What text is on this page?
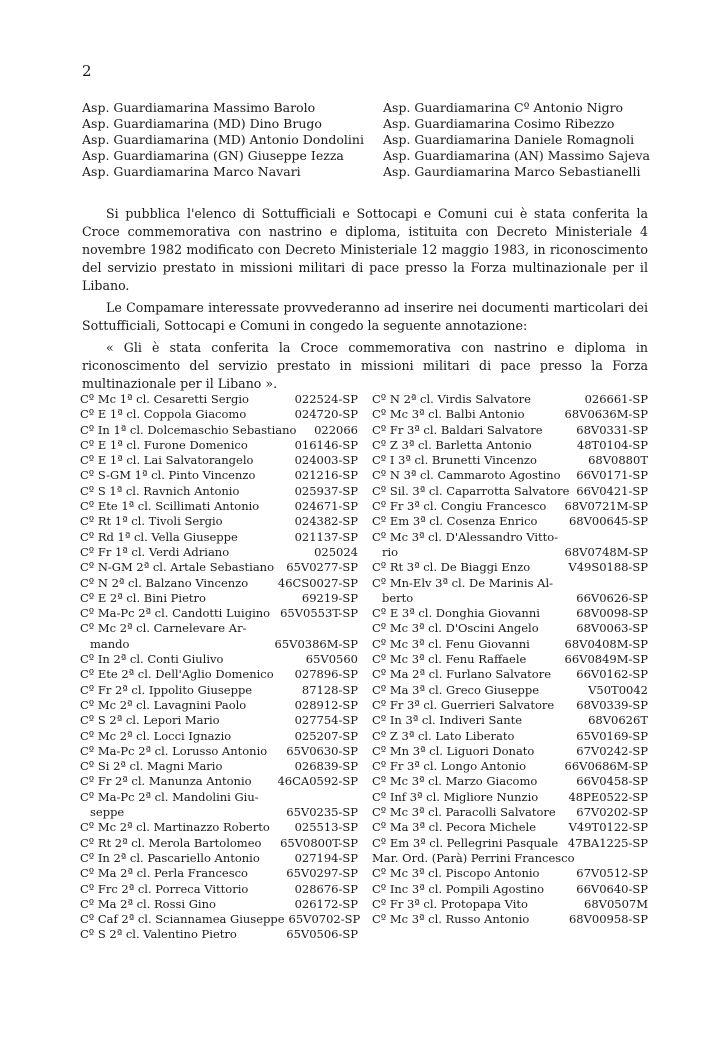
2
Asp. Guardiamarina Massimo Barolo
Asp. Guardiamarina (MD) Dino Brugo
Asp. Guardiamarina (MD) Antonio Dondolini
Asp. Guardiamarina (GN) Giuseppe Iezza
Asp. Guardiamarina Marco Navari
Asp. Guardiamarina Cº Antonio Nigro
Asp. Guardiamarina Cosimo Ribezzo
Asp. Guardiamarina Daniele Romagnoli
Asp. Guardiamarina (AN) Massimo Sajeva
Asp. Gaurdiamarina Marco Sebastianelli

Si pubblica l'elenco di Sottufficiali e Sottocapi e Comuni cui è stata conferita la Croce commemorativa con nastrino e diploma, istituita con Decreto Ministeriale 4 novembre 1982 modificato con Decreto Ministeriale 12 maggio 1983, in riconoscimento del servizio prestato in missioni militari di pace presso la Forza multinazionale per il Libano.

Le Compamare interessate provvederanno ad inserire nei documenti marticolari dei Sottufficiali, Sottocapi e Comuni in congedo la seguente annotazione:

« Gli è stata conferita la Croce commemorativa con nastrino e diploma in riconoscimento del servizio prestato in missioni militari di pace presso la Forza multinazionale per il Libano ».

Cº Mc 1ª cl. Cesaretti Sergio	022524-SP
Cº E 1ª cl. Coppola Giacomo	024720-SP
Cº In 1ª cl. Dolcemaschio Sebastiano	022066
Cº E 1ª cl. Furone Domenico	016146-SP
Cº E 1ª cl. Lai Salvatorangelo	024003-SP
Cº S-GM 1ª cl. Pinto Vincenzo	021216-SP
Cº S 1ª cl. Ravnich Antonio	025937-SP
Cº Ete 1ª cl. Scillimati Antonio	024671-SP
Cº Rt 1ª cl. Tivoli Sergio	024382-SP
Cº Rd 1ª cl. Vella Giuseppe	021137-SP
Cº Fr 1ª cl. Verdi Adriano	025024
Cº N-GM 2ª cl. Artale Sebastiano	65V0277-SP
Cº N 2ª cl. Balzano Vincenzo	46CS0027-SP
Cº E 2ª cl. Bini Pietro	69219-SP
Cº Ma-Pc 2ª cl. Candotti Luigino 65V0553T-SP
Cº Mc 2ª cl. Carnelevare Ar-
mando	65V0386M-SP
Cº In 2ª cl. Conti Giulivo	65V0560
Cº Ete 2ª cl. Dell'Aglio Domenico	027896-SP
Cº Fr 2ª cl. Ippolito Giuseppe	87128-SP
Cº Mc 2ª cl. Lavagnini Paolo	028912-SP
Cº S 2ª cl. Lepori Mario	027754-SP
Cº Mc 2ª cl. Locci Ignazio	025207-SP
Cº Ma-Pc 2ª cl. Lorusso Antonio	65V0630-SP
Cº Si 2ª cl. Magni Mario	026839-SP
Cº Fr 2ª cl. Manunza Antonio	46CA0592-SP
Cº Ma-Pc 2ª cl. Mandolini Giu-
seppe	65V0235-SP
Cº Mc 2ª cl. Martinazzo Roberto	025513-SP
Cº Rt 2ª cl. Merola Bartolomeo	65V0800T-SP
Cº In 2ª cl. Pascariello Antonio	027194-SP
Cº Ma 2ª cl. Perla Francesco	65V0297-SP
Cº Frc 2ª cl. Porreca Vittorio	028676-SP
Cº Ma 2ª cl. Rossi Gino	026172-SP
Cº Caf 2ª cl. Sciannamea Giuseppe 65V0702-SP
Cº S 2ª cl. Valentino Pietro	65V0506-SP
Cº N 2ª cl. Virdis Salvatore	026661-SP
Cº Mc 3ª cl. Balbi Antonio	68V0636M-SP
Cº Fr 3ª cl. Baldari Salvatore	68V0331-SP
Cº Z 3ª cl. Barletta Antonio	48T0104-SP
Cº I 3ª cl. Brunetti Vincenzo	68V0880T
Cº N 3ª cl. Cammaroto Agostino	66V0171-SP
Cº Sil. 3ª cl. Caparrotta Salvatore 66V0421-SP
Cº Fr 3ª cl. Congiu Francesco	68V0721M-SP
Cº Em 3ª cl. Cosenza Enrico	68V00645-SP
Cº Mc 3ª cl. D'Alessandro Vitto-
rio	68V0748M-SP
Cº Rt 3ª cl. De Biaggi Enzo	V49S0188-SP
Cº Mn-Elv 3ª cl. De Marinis Al-
berto	66V0626-SP
Cº E 3ª cl. Donghia Giovanni	68V0098-SP
Cº Mc 3ª cl. D'Oscini Angelo	68V0063-SP
Cº Mc 3ª cl. Fenu Giovanni	68V0408M-SP
Cº Mc 3ª cl. Fenu Raffaele	66V0849M-SP
Cº Ma 2ª cl. Furlano Salvatore	66V0162-SP
Cº Ma 3ª cl. Greco Giuseppe	V50T0042
Cº Fr 3ª cl. Guerrieri Salvatore	68V0339-SP
Cº In 3ª cl. Indiveri Sante	68V0626T
Cº Z 3ª cl. Lato Liberato	65V0169-SP
Cº Mn 3ª cl. Liguori Donato	67V0242-SP
Cº Fr 3ª cl. Longo Antonio	66V0686M-SP
Cº Mc 3ª cl. Marzo Giacomo	66V0458-SP
Cº Inf 3ª cl. Migliore Nunzio	48PE0522-SP
Cº Mc 3ª cl. Paracolli Salvatore	67V0202-SP
Cº Ma 3ª cl. Pecora Michele	V49T0122-SP
Cº Em 3ª cl. Pellegrini Pasquale 47BA1225-SP
Mar. Ord. (Parà) Perrini Francesco
Cº Mc 3ª cl. Piscopo Antonio	67V0512-SP
Cº Inc 3ª cl. Pompili Agostino	66V0640-SP
Cº Fr 3ª cl. Protopapa Vito	68V0507M
Cº Mc 3ª cl. Russo Antonio	68V00958-SP
